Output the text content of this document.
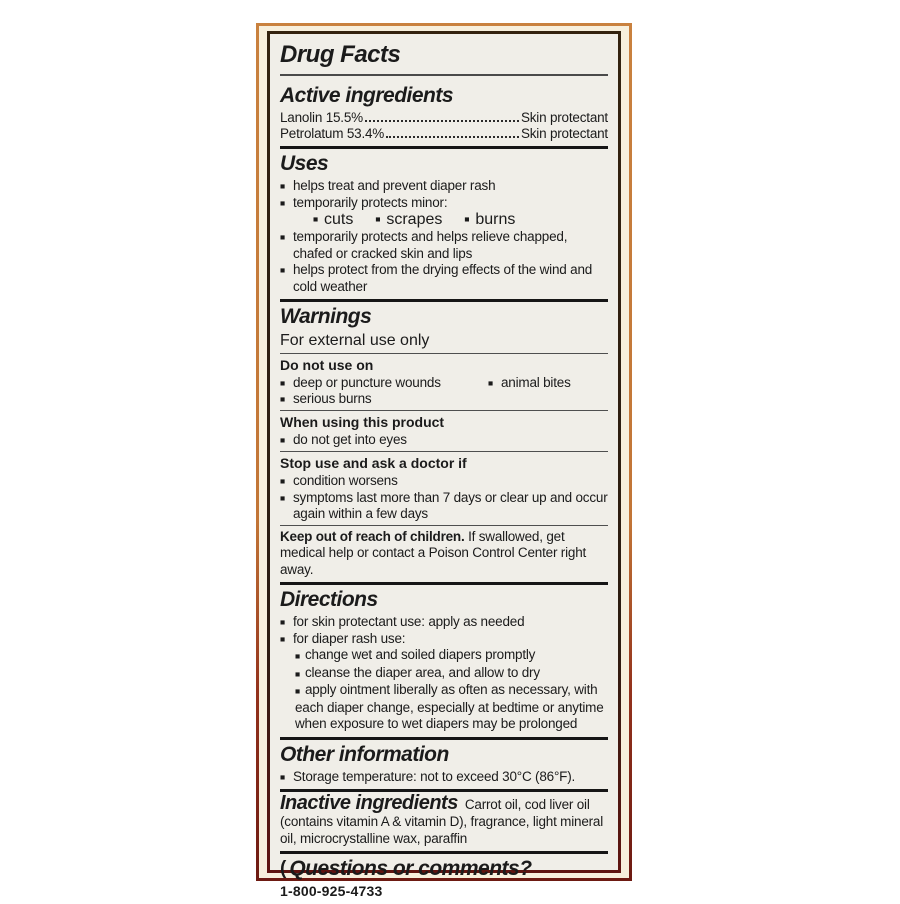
Drug Facts
Active ingredients
Lanolin 15.5%	Skin protectant
Petrolatum 53.4%	Skin protectant
Uses
■ helps treat and prevent diaper rash
■ temporarily protects minor:
■ cuts	■ scrapes	■ burns
■ temporarily protects and helps relieve chapped, chafed or cracked skin and lips
■ helps protect from the drying effects of the wind and cold weather
Warnings
For external use only
Do not use on
■ deep or puncture wounds	■ animal bites
■ serious burns
When using this product
■ do not get into eyes
Stop use and ask a doctor if
■ condition worsens
■ symptoms last more than 7 days or clear up and occur again within a few days

Keep out of reach of children. If swallowed, get medical help or contact a Poison Control Center right away.

Directions
■ for skin protectant use: apply as needed
■ for diaper rash use:
■ change wet and soiled diapers promptly
■ cleanse the diaper area, and allow to dry
■ apply ointment liberally as often as necessary, with each diaper change, especially at bedtime or anytime when exposure to wet diapers may be prolonged
Other information
■ Storage temperature: not to exceed 30°C (86°F).

Inactive ingredients Carrot oil, cod liver oil (contains vitamin A & vitamin D), fragrance, light mineral oil, microcrystalline wax, paraffin

( Questions or comments?
1-800-925-4733
